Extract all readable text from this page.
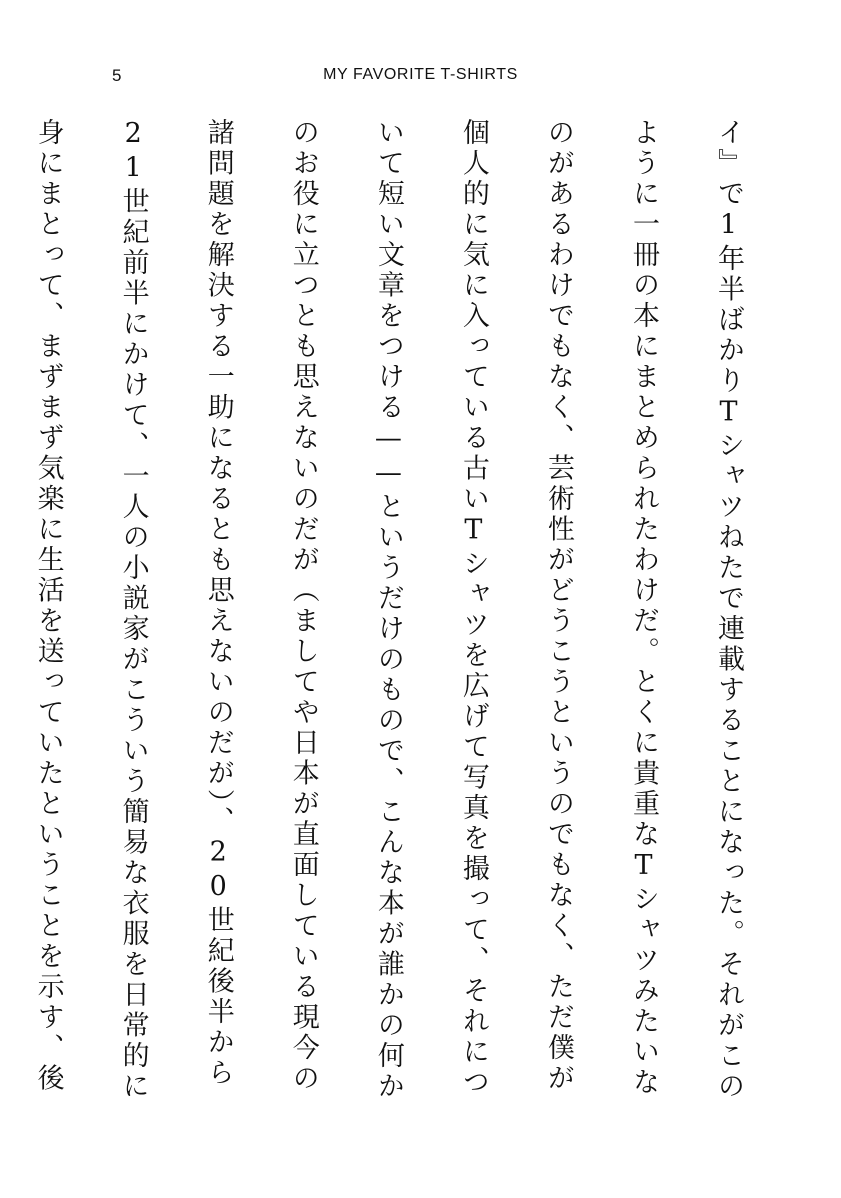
5	MY FAVORITE T-SHIRTS

イ』で1年半ばかりTシャツねたで連載することになった。それがこのように一冊の本にまとめられたわけだ。とくに貴重なTシャツみたいなのがあるわけでもなく、芸術性がどうこうというのでもなく、ただ僕が個人的に気に入っている古いTシャツを広げて写真を撮って、それについて短い文章をつける——というだけのもので、こんな本が誰かの何かのお役に立つとも思えないのだが（ましてや日本が直面している現今の諸問題を解決する一助になるとも思えないのだが）、20世紀後半から21世紀前半にかけて、一人の小説家がこういう簡易な衣服を日常的に身にまとって、まずまず気楽に生活を送っていたということを示す、後
